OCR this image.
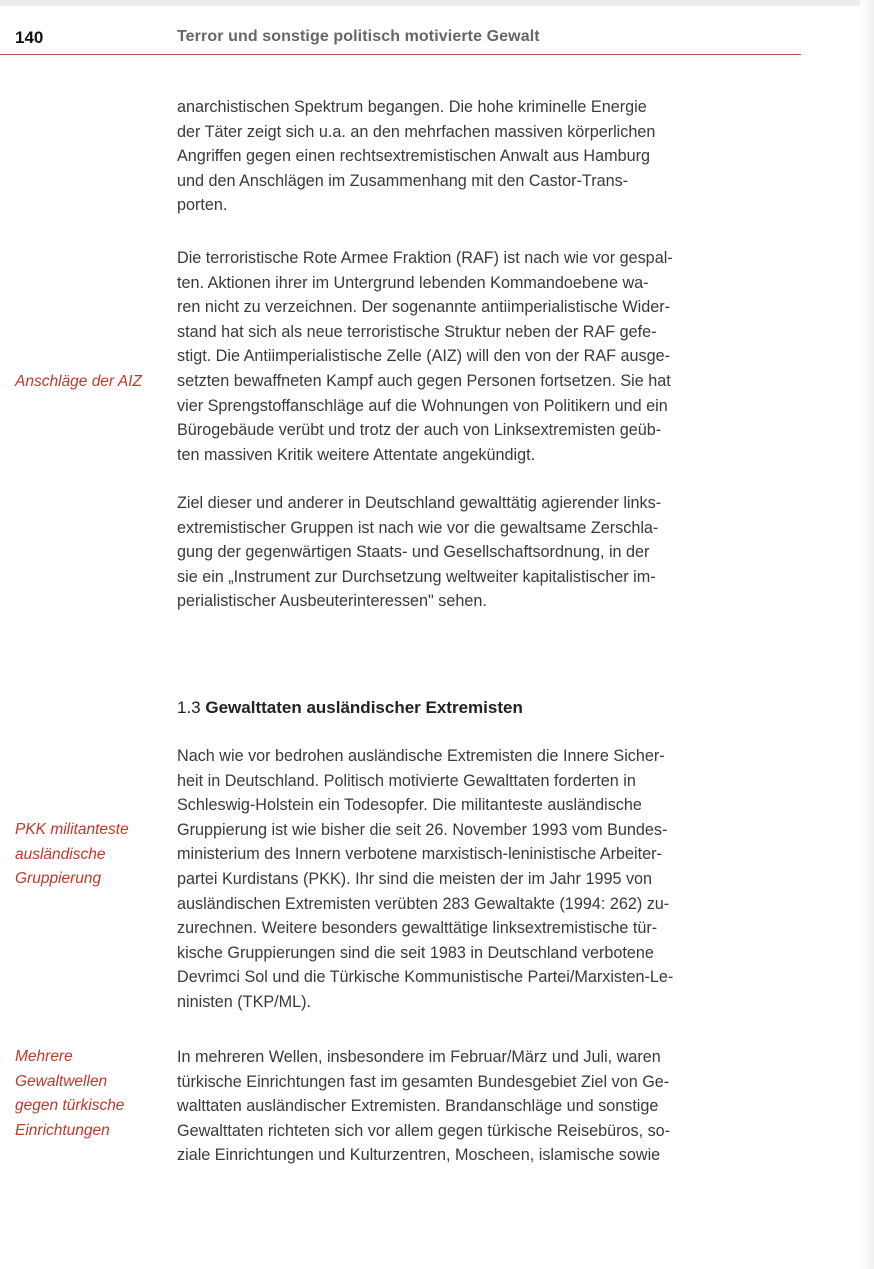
140	Terror und sonstige politisch motivierte Gewalt
anarchistischen Spektrum begangen. Die hohe kriminelle Energie
der Täter zeigt sich u.a. an den mehrfachen massiven körperlichen
Angriffen gegen einen rechtsextremistischen Anwalt aus Hamburg
und den Anschlägen im Zusammenhang mit den Castor-Trans-
porten.
Die terroristische Rote Armee Fraktion (RAF) ist nach wie vor gespal-
ten. Aktionen ihrer im Untergrund lebenden Kommandoebene wa-
ren nicht zu verzeichnen. Der sogenannte antiimperialistische Wider-
stand hat sich als neue terroristische Struktur neben der RAF gefe-
stigt. Die Antiimperialistische Zelle (AIZ) will den von der RAF ausge-
setzten bewaffneten Kampf auch gegen Personen fortsetzen. Sie hat
vier Sprengstoffanschläge auf die Wohnungen von Politikern und ein
Bürogebäude verübt und trotz der auch von Linksextremisten geüb-
ten massiven Kritik weitere Attentate angekündigt.
Anschläge der AIZ
Ziel dieser und anderer in Deutschland gewalttätig agierender links-
extremistischer Gruppen ist nach wie vor die gewaltsame Zerschla-
gung der gegenwärtigen Staats- und Gesellschaftsordnung, in der
sie ein „Instrument zur Durchsetzung weltweiter kapitalistischer im-
perialistischer Ausbeuterinteressen" sehen.
1.3 Gewalttaten ausländischer Extremisten
Nach wie vor bedrohen ausländische Extremisten die Innere Sicher-
heit in Deutschland. Politisch motivierte Gewalttaten forderten in
Schleswig-Holstein ein Todesopfer. Die militanteste ausländische
Gruppierung ist wie bisher die seit 26. November 1993 vom Bundes-
ministerium des Innern verbotene marxistisch-leninistische Arbeiter-
partei Kurdistans (PKK). Ihr sind die meisten der im Jahr 1995 von
ausländischen Extremisten verübten 283 Gewaltakte (1994: 262) zu-
zurechnen. Weitere besonders gewalttätige linksextremistische tür-
kische Gruppierungen sind die seit 1983 in Deutschland verbotene
Devrimci Sol und die Türkische Kommunistische Partei/Marxisten-Le-
ninisten (TKP/ML).
PKK militanteste
ausländische
Gruppierung
In mehreren Wellen, insbesondere im Februar/März und Juli, waren
türkische Einrichtungen fast im gesamten Bundesgebiet Ziel von Ge-
walttaten ausländischer Extremisten. Brandanschläge und sonstige
Gewalttaten richteten sich vor allem gegen türkische Reisebüros, so-
ziale Einrichtungen und Kulturzentren, Moscheen, islamische sowie
Mehrere
Gewaltwellen
gegen türkische
Einrichtungen
